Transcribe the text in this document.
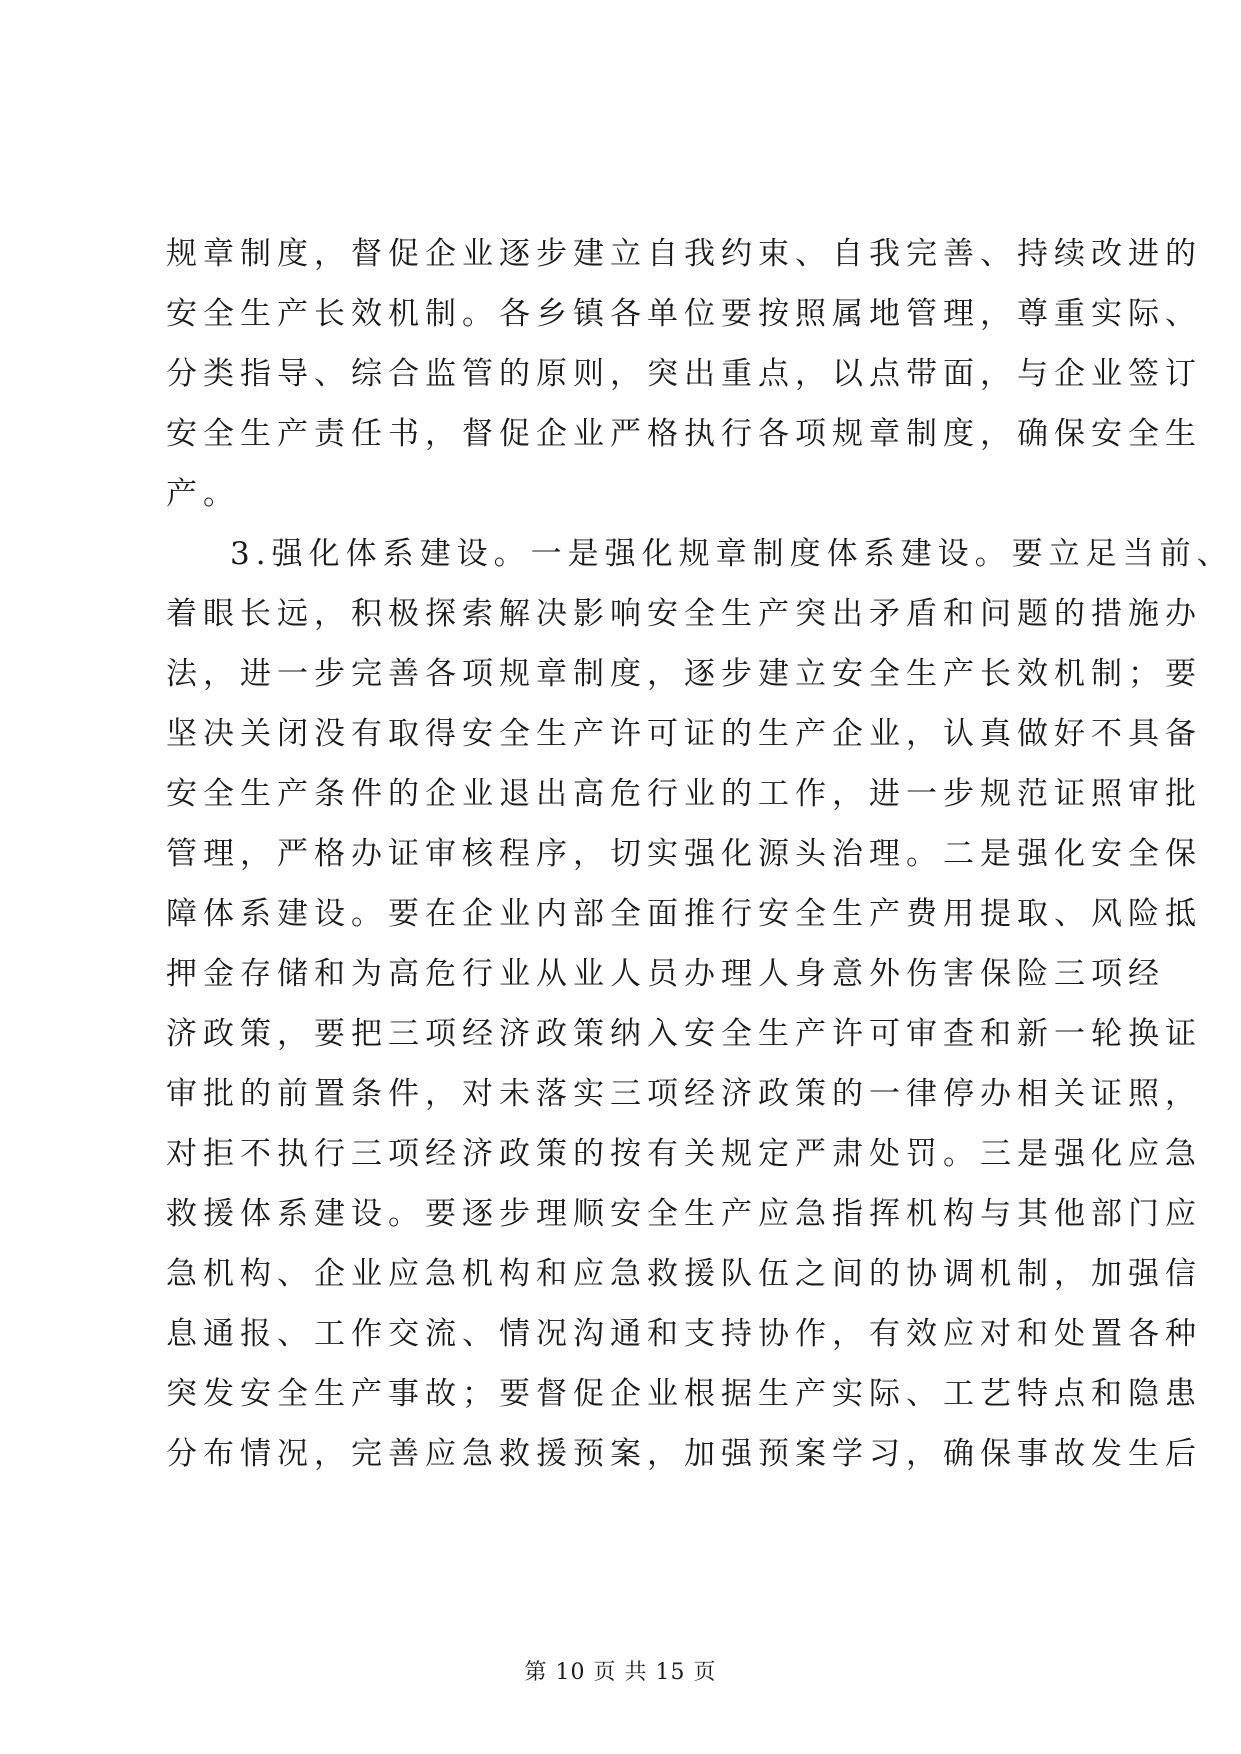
规章制度，督促企业逐步建立自我约束、自我完善、持续改进的
安全生产长效机制。各乡镇各单位要按照属地管理，尊重实际、
分类指导、综合监管的原则，突出重点，以点带面，与企业签订
安全生产责任书，督促企业严格执行各项规章制度，确保安全生
产。
3.强化体系建设。一是强化规章制度体系建设。要立足当前、
着眼长远，积极探索解决影响安全生产突出矛盾和问题的措施办
法，进一步完善各项规章制度，逐步建立安全生产长效机制；要
坚决关闭没有取得安全生产许可证的生产企业，认真做好不具备
安全生产条件的企业退出高危行业的工作，进一步规范证照审批
管理，严格办证审核程序，切实强化源头治理。二是强化安全保
障体系建设。要在企业内部全面推行安全生产费用提取、风险抵
押金存储和为高危行业从业人员办理人身意外伤害保险三项经
济政策，要把三项经济政策纳入安全生产许可审查和新一轮换证
审批的前置条件，对未落实三项经济政策的一律停办相关证照，
对拒不执行三项经济政策的按有关规定严肃处罚。三是强化应急
救援体系建设。要逐步理顺安全生产应急指挥机构与其他部门应
急机构、企业应急机构和应急救援队伍之间的协调机制，加强信
息通报、工作交流、情况沟通和支持协作，有效应对和处置各种
突发安全生产事故；要督促企业根据生产实际、工艺特点和隐患
分布情况，完善应急救援预案，加强预案学习，确保事故发生后
第 10 页 共 15 页
